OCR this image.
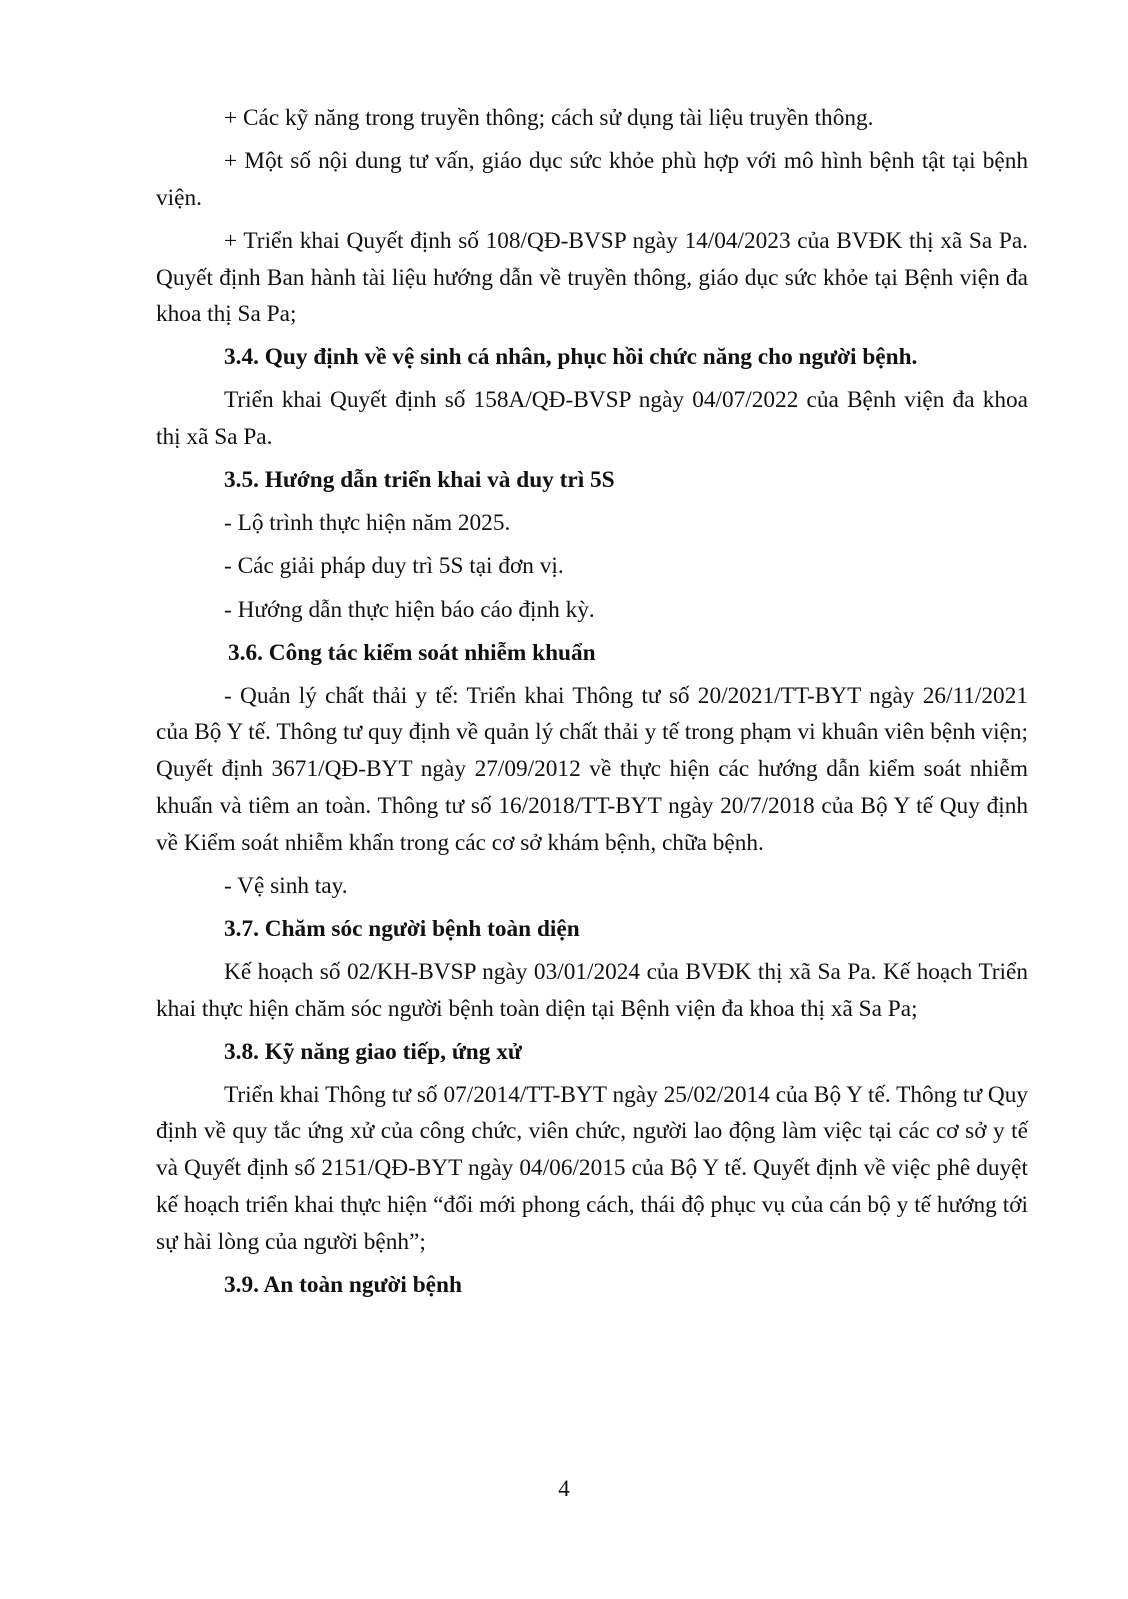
+ Các kỹ năng trong truyền thông; cách sử dụng tài liệu truyền thông.

+ Một số nội dung tư vấn, giáo dục sức khỏe phù hợp với mô hình bệnh tật tại bệnh viện.

+ Triển khai Quyết định số 108/QĐ-BVSP ngày 14/04/2023 của BVĐK thị xã Sa Pa. Quyết định Ban hành tài liệu hướng dẫn về truyền thông, giáo dục sức khỏe tại Bệnh viện đa khoa thị Sa Pa;

3.4. Quy định về vệ sinh cá nhân, phục hồi chức năng cho người bệnh.

Triển khai Quyết định số 158A/QĐ-BVSP ngày 04/07/2022 của Bệnh viện đa khoa thị xã Sa Pa.

3.5. Hướng dẫn triển khai và duy trì 5S

- Lộ trình thực hiện năm 2025.

- Các giải pháp duy trì 5S tại đơn vị.

- Hướng dẫn thực hiện báo cáo định kỳ.

3.6. Công tác kiểm soát nhiễm khuẩn

- Quản lý chất thải y tế: Triển khai Thông tư số 20/2021/TT-BYT ngày 26/11/2021 của Bộ Y tế. Thông tư quy định về quản lý chất thải y tế trong phạm vi khuân viên bệnh viện; Quyết định 3671/QĐ-BYT ngày 27/09/2012 về thực hiện các hướng dẫn kiểm soát nhiễm khuẩn và tiêm an toàn. Thông tư số 16/2018/TT-BYT ngày 20/7/2018 của Bộ Y tế Quy định về Kiểm soát nhiễm khẩn trong các cơ sở khám bệnh, chữa bệnh.

- Vệ sinh tay.

3.7. Chăm sóc người bệnh toàn diện

Kế hoạch số 02/KH-BVSP ngày 03/01/2024 của BVĐK thị xã Sa Pa. Kế hoạch Triển khai thực hiện chăm sóc người bệnh toàn diện tại Bệnh viện đa khoa thị xã Sa Pa;

3.8. Kỹ năng giao tiếp, ứng xử

Triển khai Thông tư số 07/2014/TT-BYT ngày 25/02/2014 của Bộ Y tế. Thông tư Quy định về quy tắc ứng xử của công chức, viên chức, người lao động làm việc tại các cơ sở y tế và Quyết định số 2151/QĐ-BYT ngày 04/06/2015 của Bộ Y tế. Quyết định về việc phê duyệt kế hoạch triển khai thực hiện “đổi mới phong cách, thái độ phục vụ của cán bộ y tế hướng tới sự hài lòng của người bệnh”;

3.9. An toàn người bệnh

4
